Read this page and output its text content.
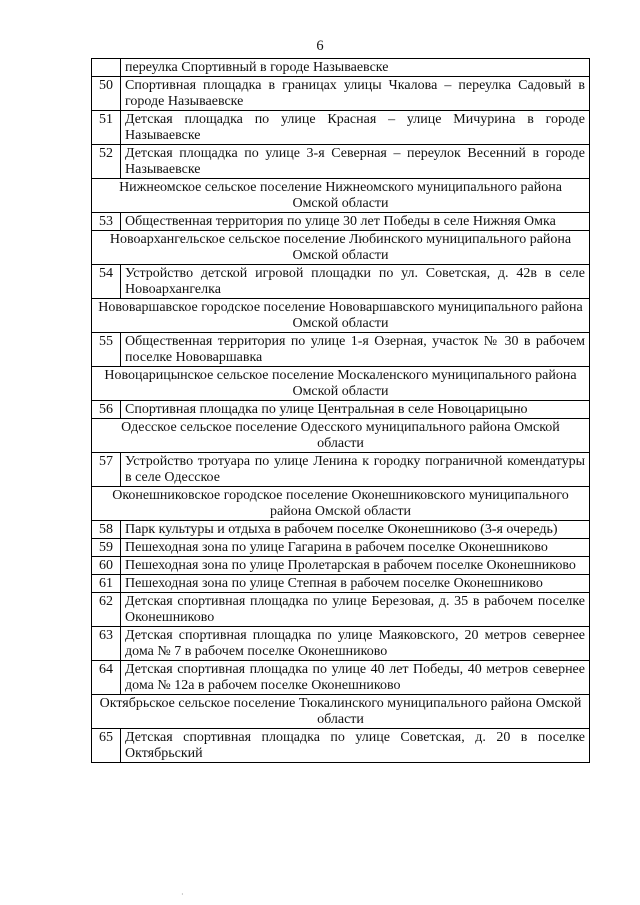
6
	переулка Спортивный в городе Называевске
50	Спортивная площадка в границах улицы Чкалова – переулка Садовый в городе Называевске
51	Детская площадка по улице Красная – улице Мичурина в городе Называевске
52	Детская площадка по улице 3-я Северная – переулок Весенний в городе Называевске
Нижнеомское сельское поселение Нижнеомского муниципального района Омской области	
53	Общественная территория по улице 30 лет Победы в селе Нижняя Омка
Новоархангельское сельское поселение Любинского муниципального района Омской области	
54	Устройство детской игровой площадки по ул. Советская, д. 42в в селе Новоархангелка
Нововаршавское городское поселение Нововаршавского муниципального района Омской области	
55	Общественная территория по улице 1-я Озерная, участок № 30 в рабочем поселке Нововаршавка
Новоцарицынское сельское поселение Москаленского муниципального района Омской области	
56	Спортивная площадка по улице Центральная в селе Новоцарицыно
Одесское сельское поселение Одесского муниципального района Омской области	
57	Устройство тротуара по улице Ленина к городку пограничной комендатуры в селе Одесское
Оконешниковское городское поселение Оконешниковского муниципального района Омской области	
58	Парк культуры и отдыха в рабочем поселке Оконешниково (3-я очередь)
59	Пешеходная зона по улице Гагарина в рабочем поселке Оконешниково
60	Пешеходная зона по улице Пролетарская в рабочем поселке Оконешниково
61	Пешеходная зона по улице Степная в рабочем поселке Оконешниково
62	Детская спортивная площадка по улице Березовая, д. 35 в рабочем поселке Оконешниково
63	Детская спортивная площадка по улице Маяковского, 20 метров севернее дома № 7 в рабочем поселке Оконешниково
64	Детская спортивная площадка по улице 40 лет Победы, 40 метров севернее дома № 12а в рабочем поселке Оконешниково
Октябрьское сельское поселение Тюкалинского муниципального района Омской области	
65	Детская спортивная площадка по улице Советская, д. 20 в поселке Октябрьский
·
